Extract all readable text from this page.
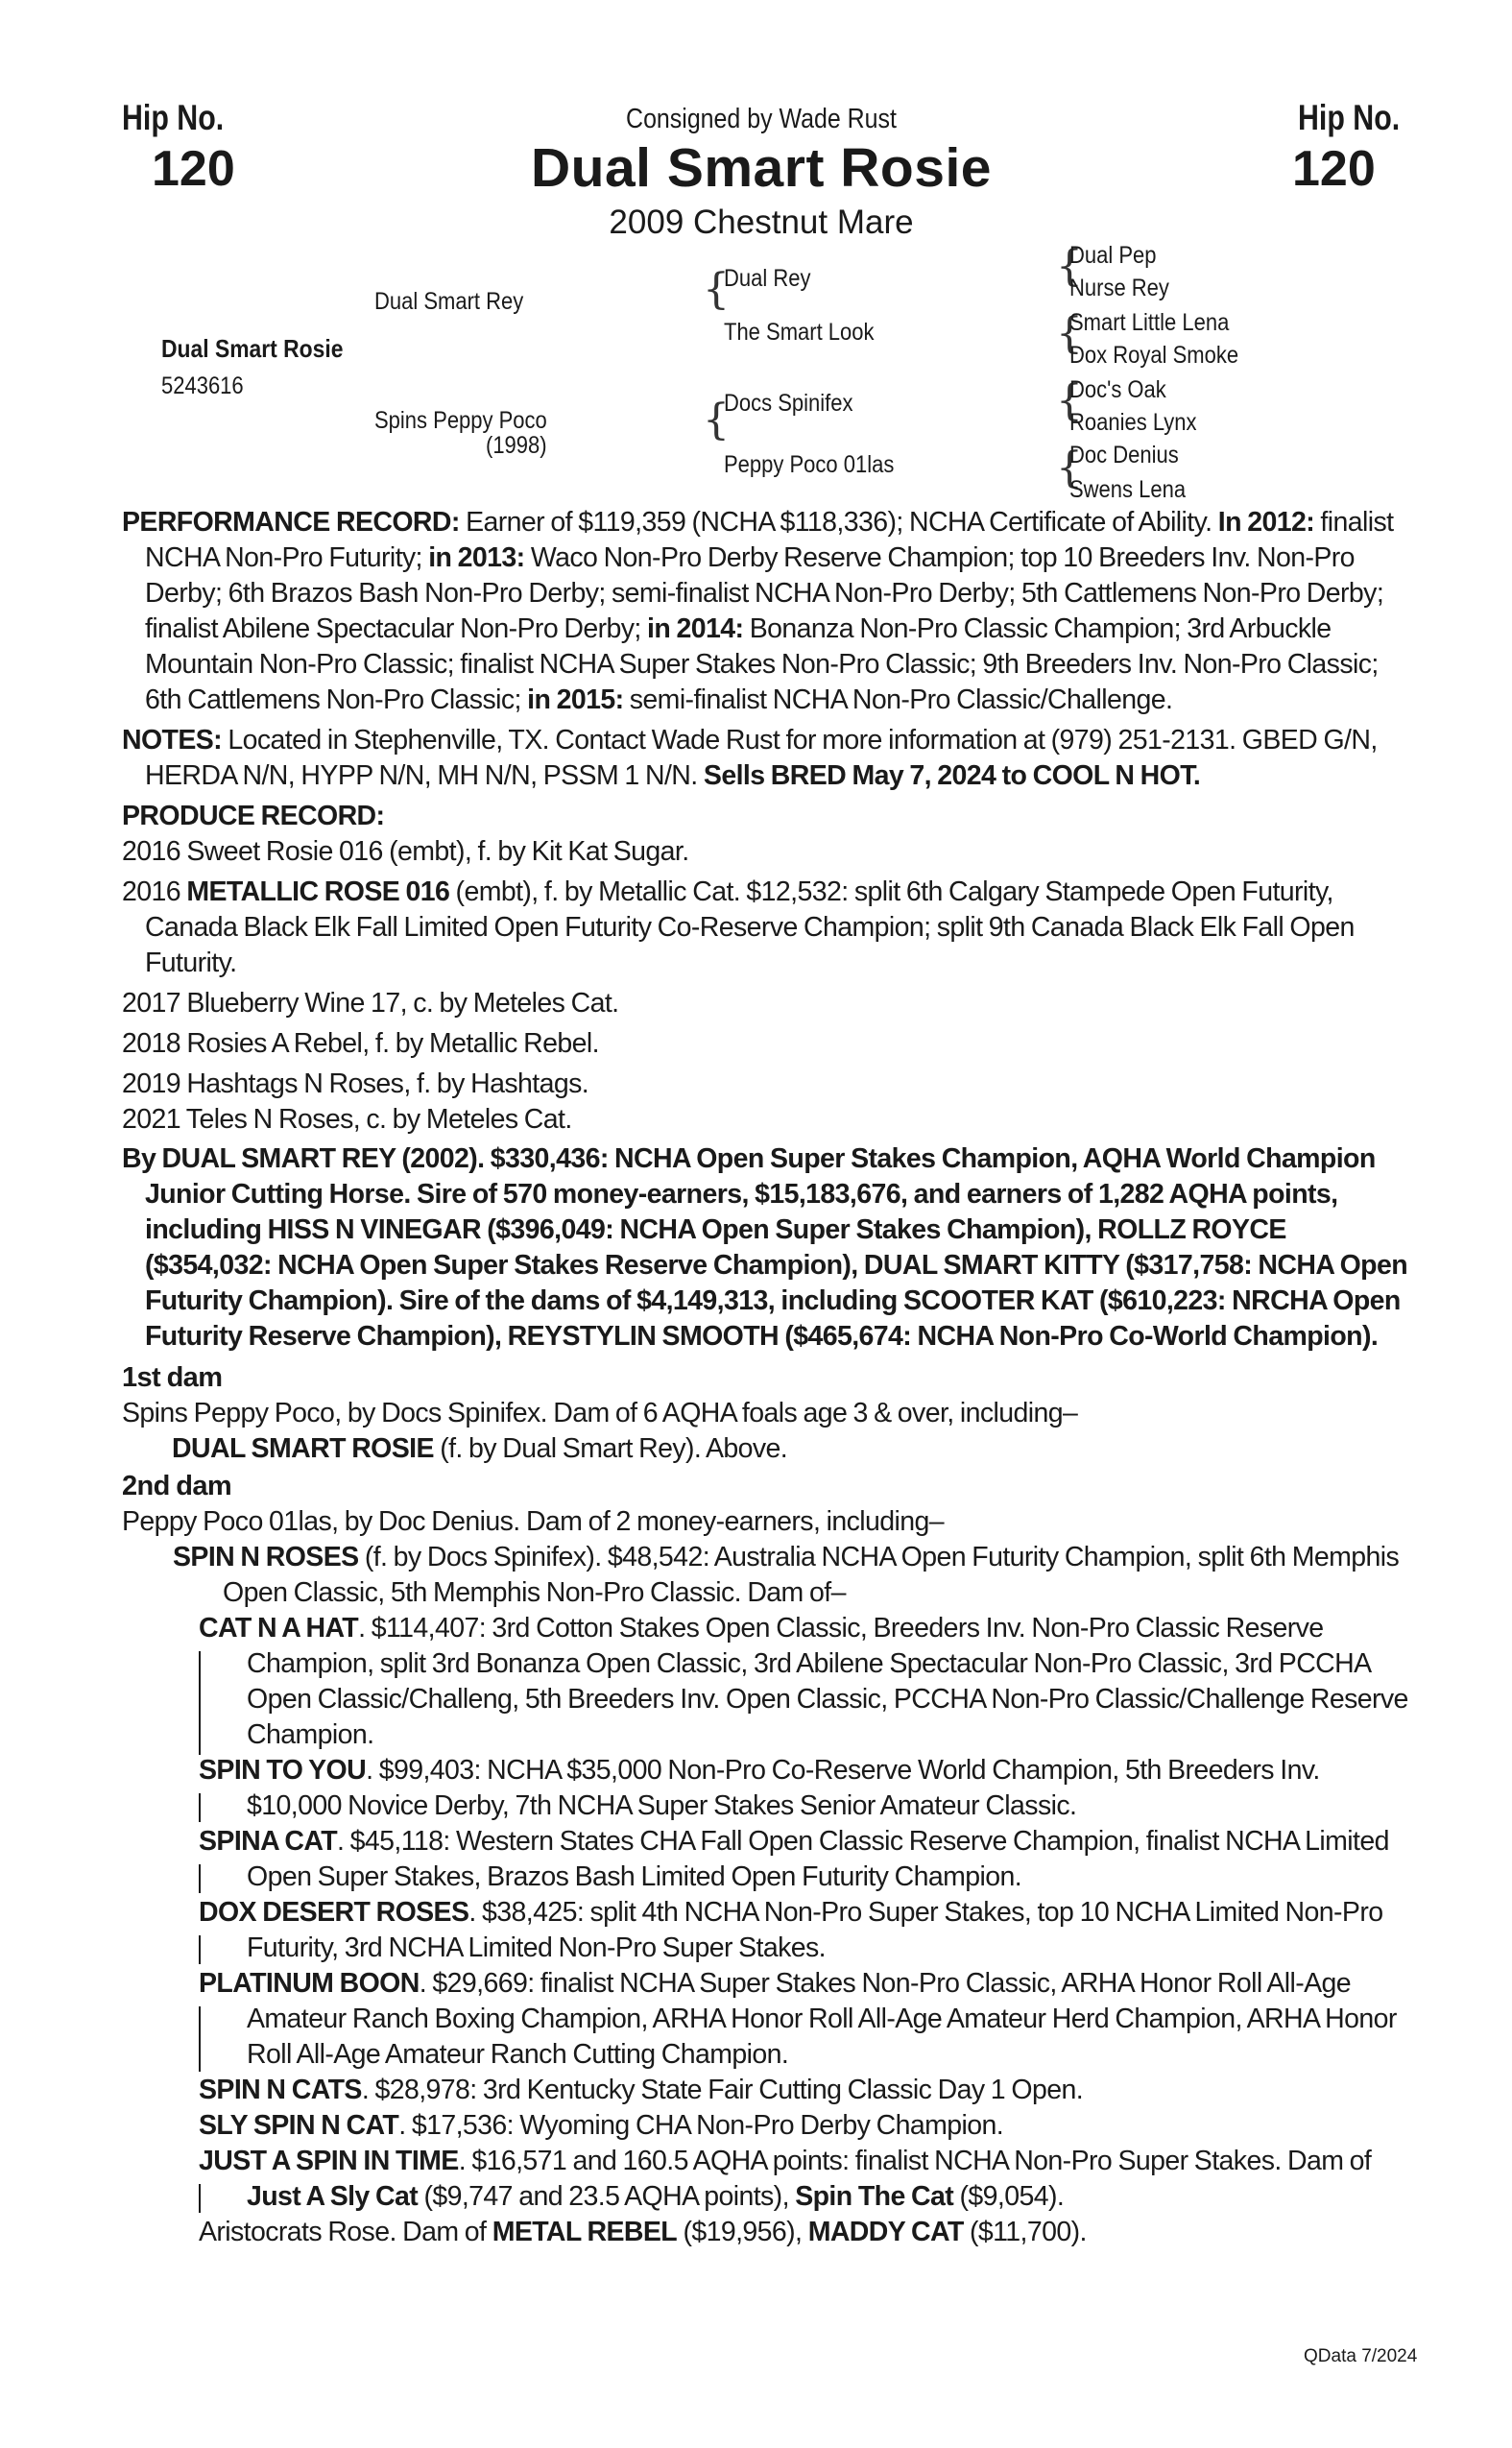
Hip No.
120
Hip No.
120
Consigned by Wade Rust
Dual Smart Rosie
2009 Chestnut Mare
Dual Smart Rosie
5243616
Dual Smart Rey
Spins Peppy Poco
(1998)
{
Dual Rey
The Smart Look
{
Docs Spinifex
Peppy Poco 01las
{
Dual Pep
Nurse Rey
{
Smart Little Lena
Dox Royal Smoke
{
Doc's Oak
Roanies Lynx
{
Doc Denius
Swens Lena

PERFORMANCE RECORD: Earner of $119,359 (NCHA $118,336); NCHA Certificate of Ability. In 2012: finalist NCHA Non-Pro Futurity; in 2013: Waco Non-Pro Derby Reserve Champion; top 10 Breeders Inv. Non-Pro Derby; 6th Brazos Bash Non-Pro Derby; semi-finalist NCHA Non-Pro Derby; 5th Cattlemens Non-Pro Derby; finalist Abilene Spectacular Non-Pro Derby; in 2014: Bonanza Non-Pro Classic Champion; 3rd Arbuckle Mountain Non-Pro Classic; finalist NCHA Super Stakes Non-Pro Classic; 9th Breeders Inv. Non-Pro Classic; 6th Cattlemens Non-Pro Classic; in 2015: semi-finalist NCHA Non-Pro Classic/Challenge.

NOTES: Located in Stephenville, TX. Contact Wade Rust for more information at (979) 251-2131. GBED G/N, HERDA N/N, HYPP N/N, MH N/N, PSSM 1 N/N. Sells BRED May 7, 2024 to COOL N HOT.

PRODUCE RECORD:

2016 Sweet Rosie 016 (embt), f. by Kit Kat Sugar.

2016 METALLIC ROSE 016 (embt), f. by Metallic Cat. $12,532: split 6th Calgary Stampede Open Futurity, Canada Black Elk Fall Limited Open Futurity Co-Reserve Champion; split 9th Canada Black Elk Fall Open Futurity.

2017 Blueberry Wine 17, c. by Meteles Cat.

2018 Rosies A Rebel, f. by Metallic Rebel.

2019 Hashtags N Roses, f. by Hashtags.

2021 Teles N Roses, c. by Meteles Cat.

By DUAL SMART REY (2002). $330,436: NCHA Open Super Stakes Champion, AQHA World Champion Junior Cutting Horse. Sire of 570 money-earners, $15,183,676, and earners of 1,282 AQHA points, including HISS N VINEGAR ($396,049: NCHA Open Super Stakes Champion), ROLLZ ROYCE ($354,032: NCHA Open Super Stakes Reserve Champion), DUAL SMART KITTY ($317,758: NCHA Open Futurity Champion). Sire of the dams of $4,149,313, including SCOOTER KAT ($610,223: NRCHA Open Futurity Reserve Champion), REYSTYLIN SMOOTH ($465,674: NCHA Non-Pro Co-World Champion).

1st dam

Spins Peppy Poco, by Docs Spinifex. Dam of 6 AQHA foals age 3 & over, including–

DUAL SMART ROSIE (f. by Dual Smart Rey). Above.

2nd dam

Peppy Poco 01las, by Doc Denius. Dam of 2 money-earners, including–

SPIN N ROSES (f. by Docs Spinifex). $48,542: Australia NCHA Open Futurity Champion, split 6th Memphis Open Classic, 5th Memphis Non-Pro Classic. Dam of–

CAT N A HAT. $114,407: 3rd Cotton Stakes Open Classic, Breeders Inv. Non-Pro Classic Reserve Champion, split 3rd Bonanza Open Classic, 3rd Abilene Spectacular Non-Pro Classic, 3rd PCCHA Open Classic/Challeng, 5th Breeders Inv. Open Classic, PCCHA Non-Pro Classic/Challenge Reserve Champion.
SPIN TO YOU. $99,403: NCHA $35,000 Non-Pro Co-Reserve World Champion, 5th Breeders Inv. $10,000 Novice Derby, 7th NCHA Super Stakes Senior Amateur Classic.
SPINA CAT. $45,118: Western States CHA Fall Open Classic Reserve Champion, finalist NCHA Limited Open Super Stakes, Brazos Bash Limited Open Futurity Champion.
DOX DESERT ROSES. $38,425: split 4th NCHA Non-Pro Super Stakes, top 10 NCHA Limited Non-Pro Futurity, 3rd NCHA Limited Non-Pro Super Stakes.
PLATINUM BOON. $29,669: finalist NCHA Super Stakes Non-Pro Classic, ARHA Honor Roll All-Age Amateur Ranch Boxing Champion, ARHA Honor Roll All-Age Amateur Herd Champion, ARHA Honor Roll All-Age Amateur Ranch Cutting Champion.
SPIN N CATS. $28,978: 3rd Kentucky State Fair Cutting Classic Day 1 Open.
SLY SPIN N CAT. $17,536: Wyoming CHA Non-Pro Derby Champion.
JUST A SPIN IN TIME. $16,571 and 160.5 AQHA points: finalist NCHA Non-Pro Super Stakes. Dam of Just A Sly Cat ($9,747 and 23.5 AQHA points), Spin The Cat ($9,054).

Aristocrats Rose. Dam of METAL REBEL ($19,956), MADDY CAT ($11,700).

QData 7/2024
